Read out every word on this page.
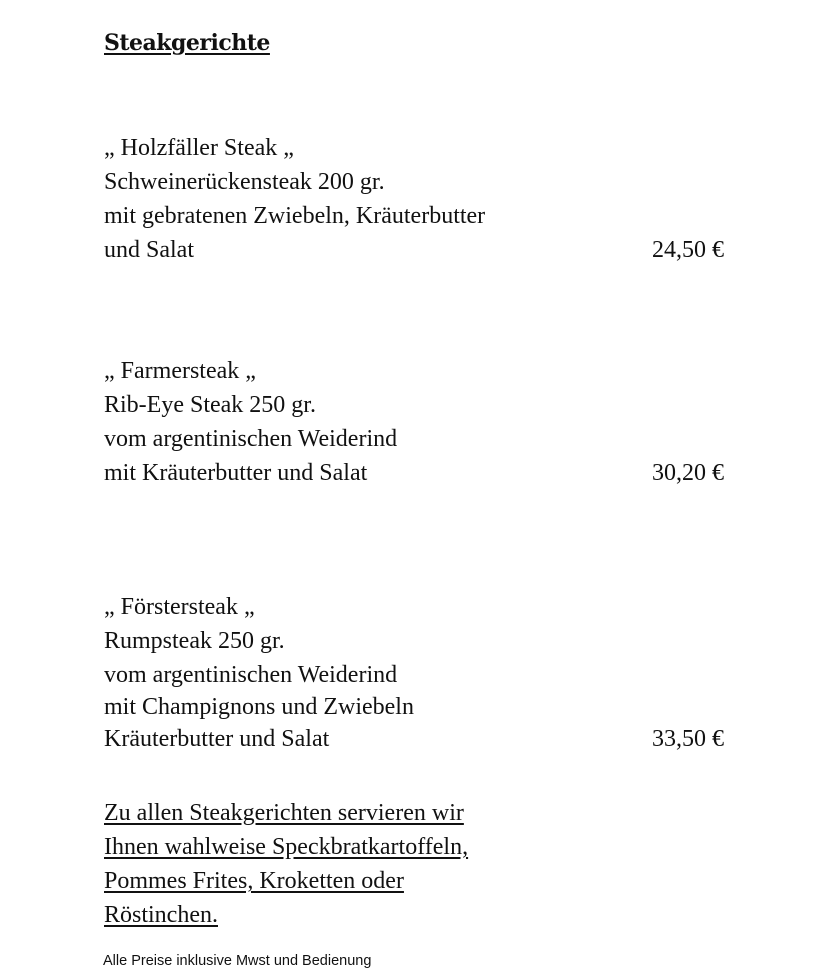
Steakgerichte
„ Holzfäller Steak „
Schweinerückensteak 200 gr.
mit gebratenen Zwiebeln, Kräuterbutter
und Salat	24,50 €
„ Farmersteak „
Rib-Eye Steak 250 gr.
vom argentinischen Weiderind
mit Kräuterbutter und Salat	30,20 €
„ Förstersteak „
Rumpsteak 250 gr.
vom argentinischen Weiderind
mit Champignons und Zwiebeln
Kräuterbutter und Salat	33,50 €
Zu allen Steakgerichten servieren wir
Ihnen wahlweise Speckbratkartoffeln,
Pommes Frites, Kroketten oder
Röstinchen.
Alle Preise inklusive Mwst und Bedienung
